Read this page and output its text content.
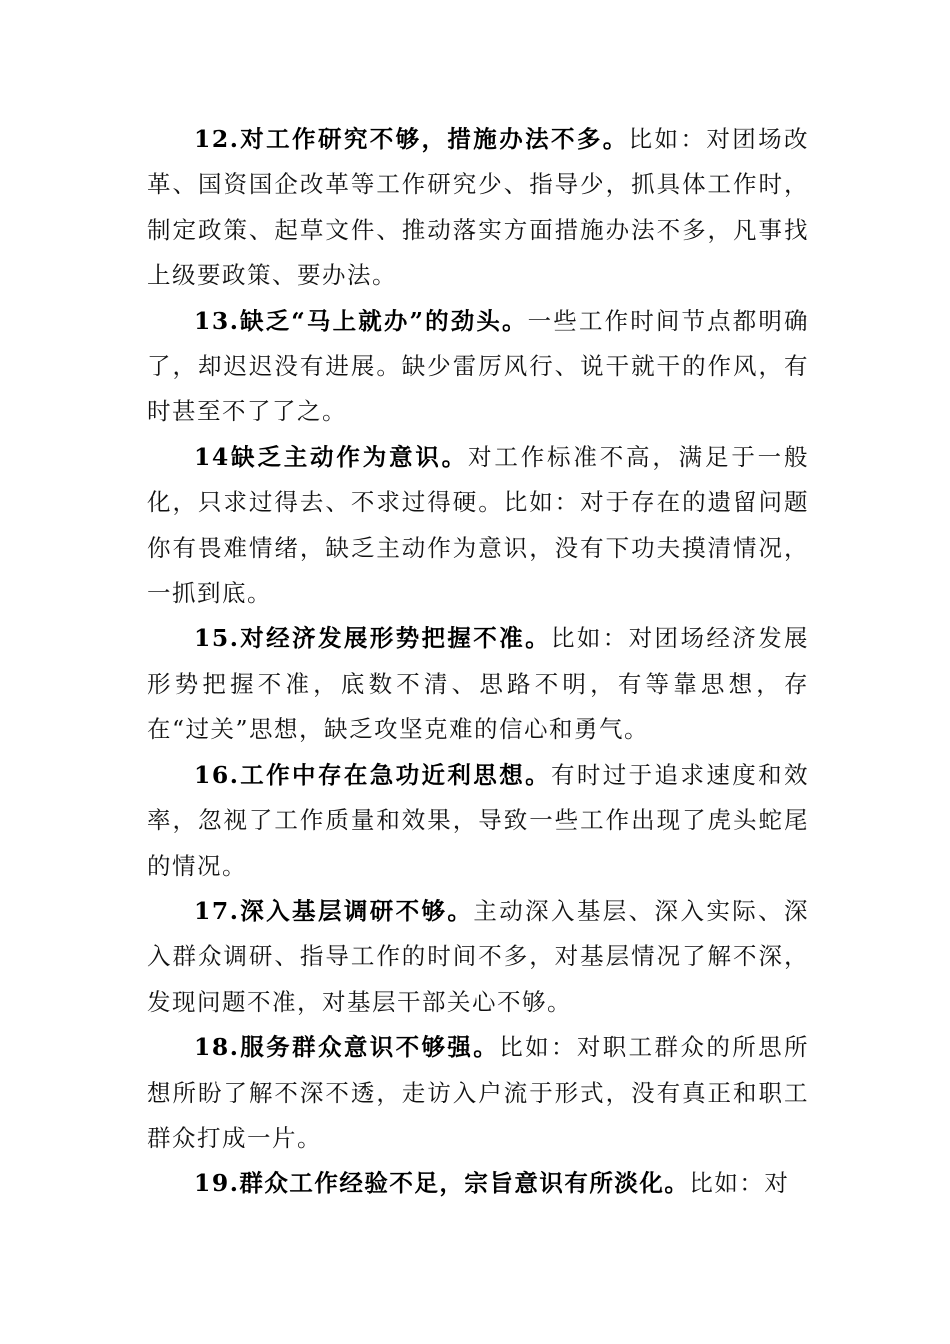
12.对工作研究不够，措施办法不多。比如：对团场改革、国资国企改革等工作研究少、指导少，抓具体工作时，制定政策、起草文件、推动落实方面措施办法不多，凡事找上级要政策、要办法。

13.缺乏“马上就办”的劲头。一些工作时间节点都明确了，却迟迟没有进展。缺少雷厉风行、说干就干的作风，有时甚至不了了之。

14缺乏主动作为意识。对工作标准不高，满足于一般化，只求过得去、不求过得硬。比如：对于存在的遗留问题你有畏难情绪，缺乏主动作为意识，没有下功夫摸清情况，一抓到底。

15.对经济发展形势把握不准。比如：对团场经济发展形势把握不准，底数不清、思路不明，有等靠思想，存在“过关”思想，缺乏攻坚克难的信心和勇气。

16.工作中存在急功近利思想。有时过于追求速度和效率，忽视了工作质量和效果，导致一些工作出现了虎头蛇尾的情况。

17.深入基层调研不够。主动深入基层、深入实际、深入群众调研、指导工作的时间不多，对基层情况了解不深，发现问题不准，对基层干部关心不够。

18.服务群众意识不够强。比如：对职工群众的所思所想所盼了解不深不透，走访入户流于形式，没有真正和职工群众打成一片。

19.群众工作经验不足，宗旨意识有所淡化。比如：对
